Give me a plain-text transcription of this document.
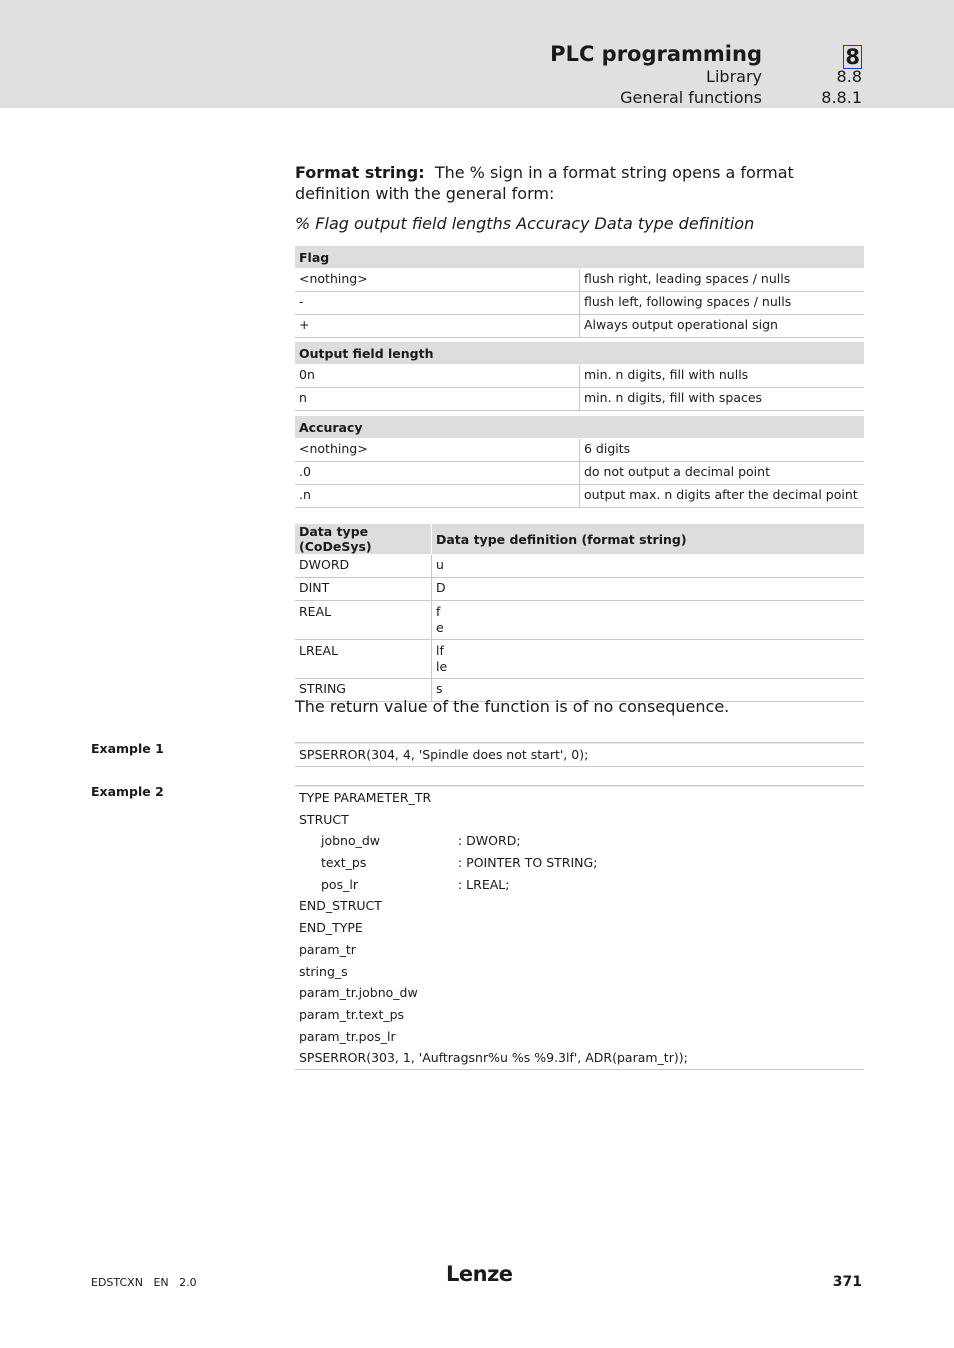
PLC programming	8
Library	8.8
General functions	8.8.1
Format string: The % sign in a format string opens a format definition with the general form:
% Flag output field lengths Accuracy Data type definition
Flag	
<nothing>	flush right, leading spaces / nulls
-	flush left, following spaces / nulls
+	Always output operational sign
Output field length	
0n	min. n digits, fill with nulls
n	min. n digits, fill with spaces
Accuracy	
<nothing>	6 digits
.0	do not output a decimal point
.n	output max. n digits after the decimal point
Data type (CoDeSys)	Data type definition (format string)
DWORD	u
DINT	D
REAL	f
e

LREAL	lf
le

STRING	s
The return value of the function is of no consequence.
Example 1	SPSERROR(304, 4, 'Spindle does not start', 0);
Example 2	TYPE PARAMETER_TR
STRUCT
jobno_dw	: DWORD;
text_ps	: POINTER TO STRING;
pos_lr	: LREAL;
END_STRUCT
END_TYPE
param_tr
string_s
param_tr.jobno_dw
param_tr.text_ps
param_tr.pos_lr
SPSERROR(303, 1, 'Auftragsnr%u %s %9.3lf', ADR(param_tr));
EDSTCXN EN 2.0	Lenze	371
